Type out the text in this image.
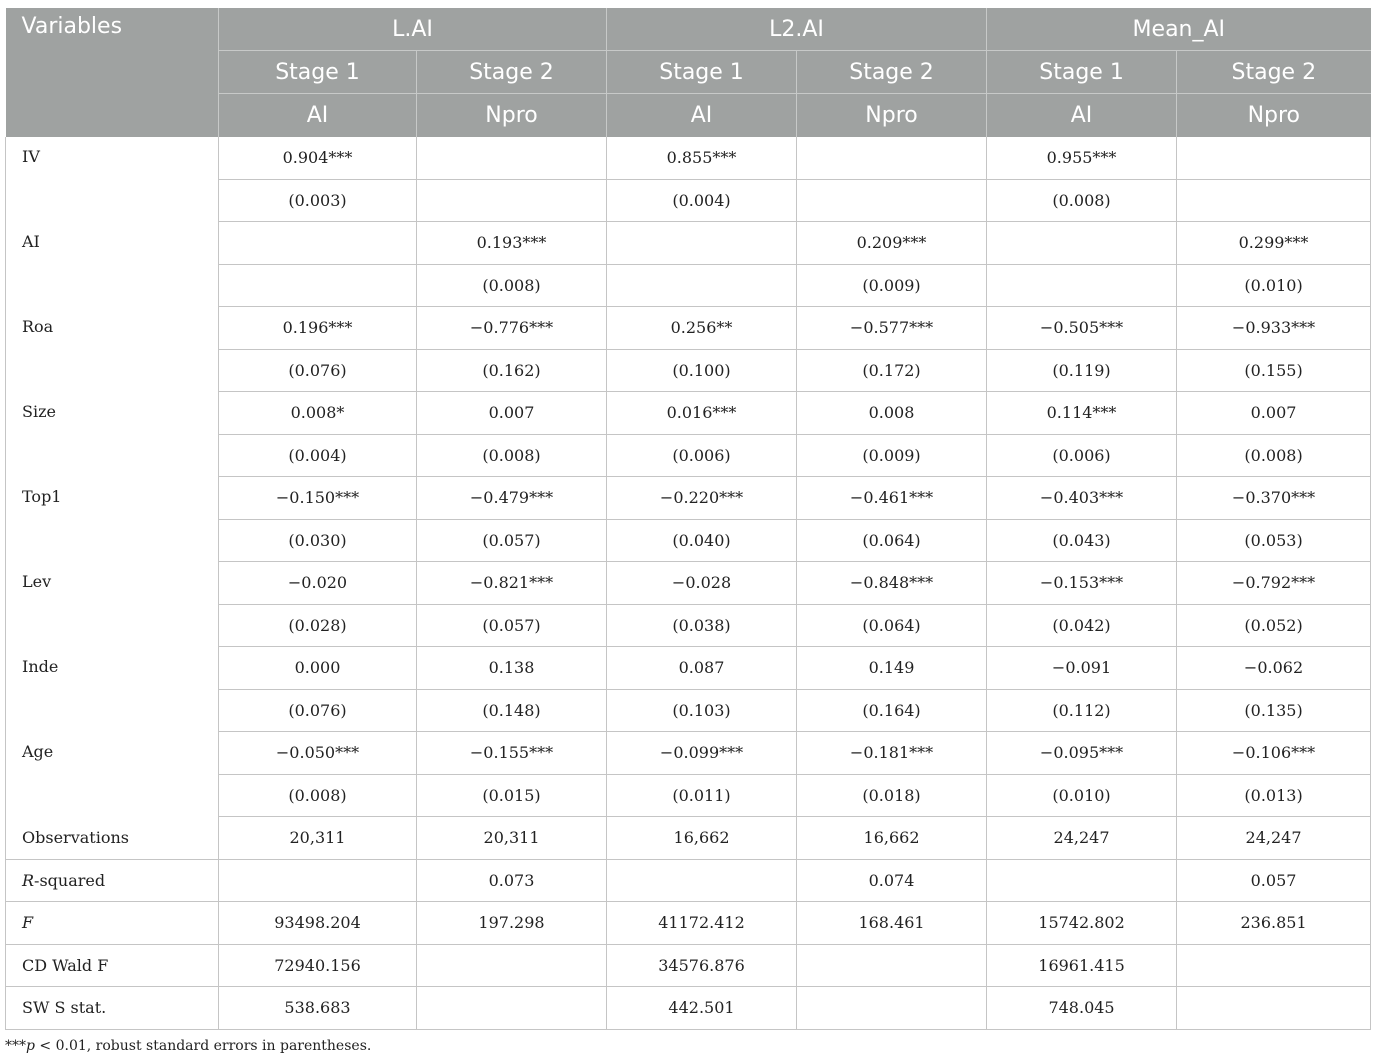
Variables	L.AI		L2.AI		Mean_AI	
	Stage 1	Stage 2	Stage 1	Stage 2	Stage 1	Stage 2
	AI	Npro	AI	Npro	AI	Npro
IV	0.904***		0.855***		0.955***	
	(0.003)		(0.004)		(0.008)	
AI		0.193***		0.209***		0.299***
		(0.008)		(0.009)		(0.010)
Roa	0.196***	−0.776***	0.256**	−0.577***	−0.505***	−0.933***
	(0.076)	(0.162)	(0.100)	(0.172)	(0.119)	(0.155)
Size	0.008*	0.007	0.016***	0.008	0.114***	0.007
	(0.004)	(0.008)	(0.006)	(0.009)	(0.006)	(0.008)
Top1	−0.150***	−0.479***	−0.220***	−0.461***	−0.403***	−0.370***
	(0.030)	(0.057)	(0.040)	(0.064)	(0.043)	(0.053)
Lev	−0.020	−0.821***	−0.028	−0.848***	−0.153***	−0.792***
	(0.028)	(0.057)	(0.038)	(0.064)	(0.042)	(0.052)
Inde	0.000	0.138	0.087	0.149	−0.091	−0.062
	(0.076)	(0.148)	(0.103)	(0.164)	(0.112)	(0.135)
Age	−0.050***	−0.155***	−0.099***	−0.181***	−0.095***	−0.106***
	(0.008)	(0.015)	(0.011)	(0.018)	(0.010)	(0.013)
Observations	20,311	20,311	16,662	16,662	24,247	24,247
R-squared		0.073		0.074		0.057
F	93498.204	197.298	41172.412	168.461	15742.802	236.851
CD Wald F	72940.156		34576.876		16961.415	
SW S stat.	538.683		442.501		748.045	
***p < 0.01, robust standard errors in parentheses.
